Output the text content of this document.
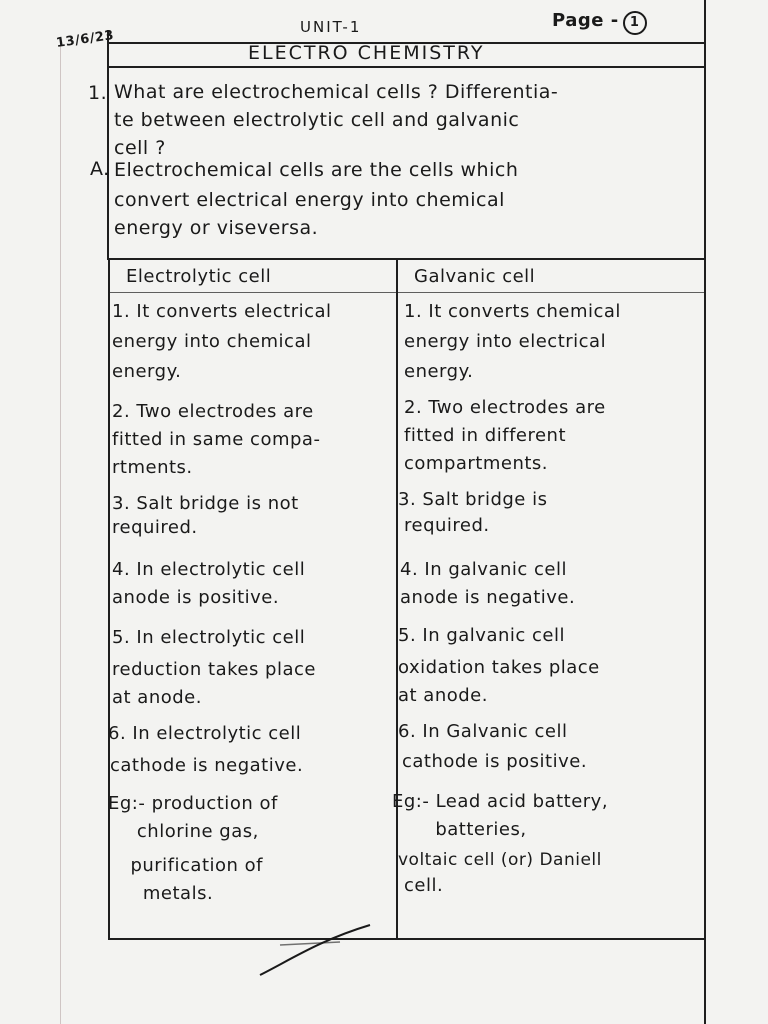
13/6/23
UNIT-1	Page - 1
ELECTRO CHEMISTRY
1. What are electrochemical cells ? Differentia-
te between electrolytic cell and galvanic
cell ?
A. Electrochemical cells are the cells which
convert electrical energy into chemical
energy or viseversa.
Electrolytic cell	Galvanic cell
1. It converts electrical
energy into chemical
energy.
1. It converts chemical
energy into electrical
energy.
2. Two electrodes are
fitted in same compa-
rtments.
2. Two electrodes are
fitted in different
compartments.
3. Salt bridge is not
required.
3. Salt bridge is
required.
4. In electrolytic cell
anode is positive.
4. In galvanic cell
anode is negative.
5. In electrolytic cell
reduction takes place
at anode.
5. In galvanic cell
oxidation takes place
at anode.
6. In electrolytic cell
cathode is negative.
6. In Galvanic cell
cathode is positive.
Eg:- production of
chlorine gas,
purification of
metals.
Eg:- Lead acid battery,
batteries,
voltaic cell (or) Daniell
cell.
